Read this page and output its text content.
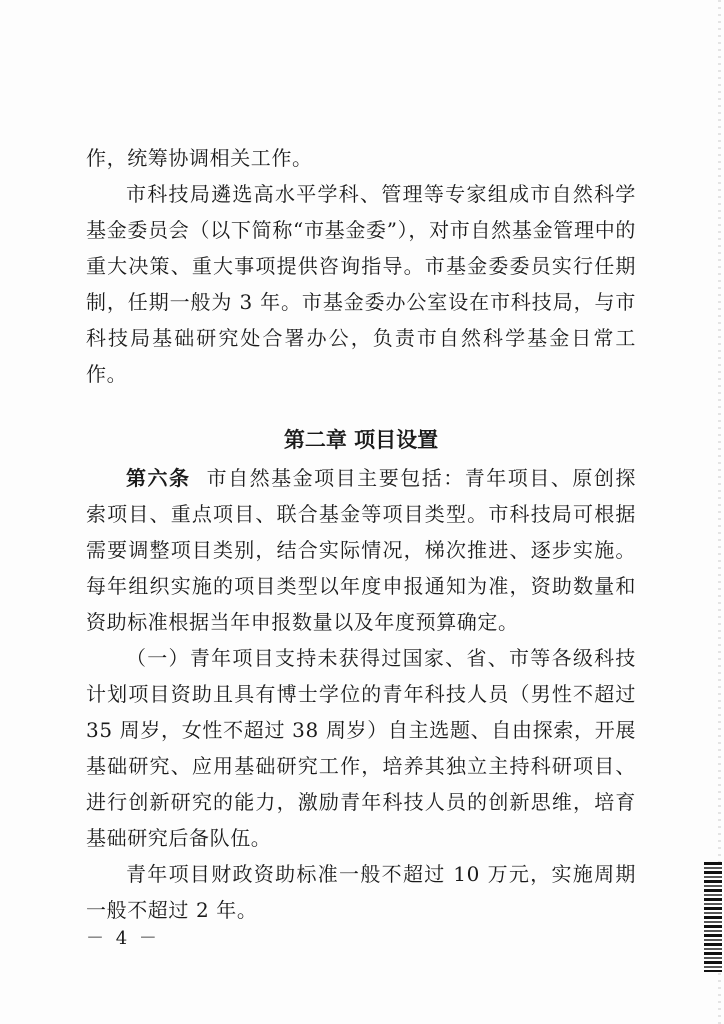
作，统筹协调相关工作。

市科技局遴选高水平学科、管理等专家组成市自然科学基金委员会（以下简称“市基金委”），对市自然基金管理中的重大决策、重大事项提供咨询指导。市基金委委员实行任期制，任期一般为 3 年。市基金委办公室设在市科技局，与市科技局基础研究处合署办公，负责市自然科学基金日常工作。

第二章 项目设置

第六条 市自然基金项目主要包括：青年项目、原创探索项目、重点项目、联合基金等项目类型。市科技局可根据需要调整项目类别，结合实际情况，梯次推进、逐步实施。每年组织实施的项目类型以年度申报通知为准，资助数量和资助标准根据当年申报数量以及年度预算确定。

（一）青年项目支持未获得过国家、省、市等各级科技计划项目资助且具有博士学位的青年科技人员（男性不超过 35 周岁，女性不超过 38 周岁）自主选题、自由探索，开展基础研究、应用基础研究工作，培养其独立主持科研项目、进行创新研究的能力，激励青年科技人员的创新思维，培育基础研究后备队伍。

青年项目财政资助标准一般不超过 10 万元，实施周期一般不超过 2 年。

－ 4 －
